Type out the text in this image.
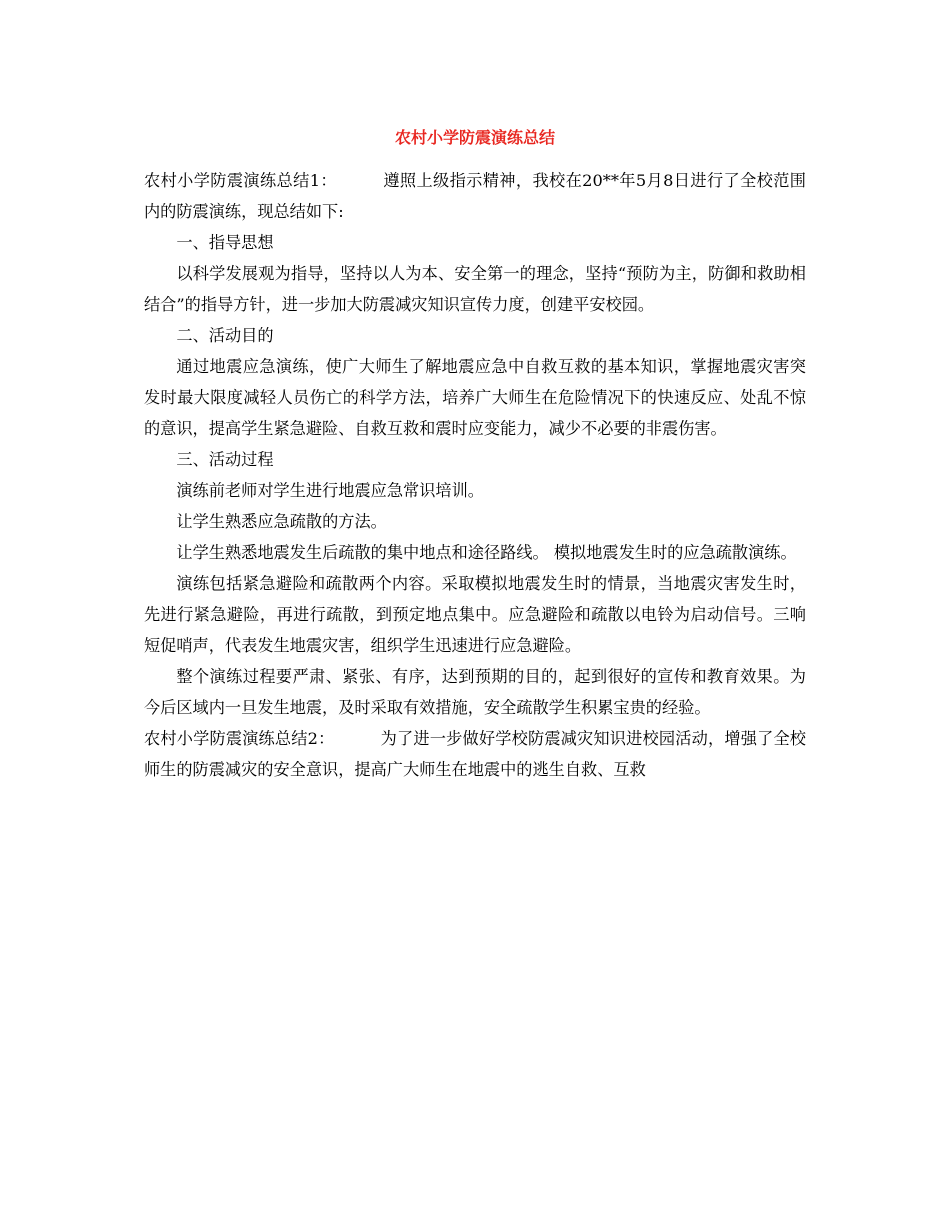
农村小学防震演练总结

农村小学防震演练总结1：	遵照上级指示精神，我校在20**年5月8日进行了全校范围内的防震演练，现总结如下:

一、指导思想

以科学发展观为指导，坚持以人为本、安全第一的理念，坚持“预防为主，防御和救助相结合”的指导方针，进一步加大防震减灾知识宣传力度，创建平安校园。

二、活动目的

通过地震应急演练，使广大师生了解地震应急中自救互救的基本知识，掌握地震灾害突发时最大限度减轻人员伤亡的科学方法，培养广大师生在危险情况下的快速反应、处乱不惊的意识，提高学生紧急避险、自救互救和震时应变能力，减少不必要的非震伤害。

三、活动过程

演练前老师对学生进行地震应急常识培训。

让学生熟悉应急疏散的方法。

让学生熟悉地震发生后疏散的集中地点和途径路线。 模拟地震发生时的应急疏散演练。

演练包括紧急避险和疏散两个内容。采取模拟地震发生时的情景，当地震灾害发生时，先进行紧急避险，再进行疏散，到预定地点集中。应急避险和疏散以电铃为启动信号。三响短促哨声，代表发生地震灾害，组织学生迅速进行应急避险。

整个演练过程要严肃、紧张、有序，达到预期的目的，起到很好的宣传和教育效果。为今后区域内一旦发生地震，及时采取有效措施，安全疏散学生积累宝贵的经验。

农村小学防震演练总结2：	为了进一步做好学校防震减灾知识进校园活动，增强了全校师生的防震减灾的安全意识，提高广大师生在地震中的逃生自救、互救
